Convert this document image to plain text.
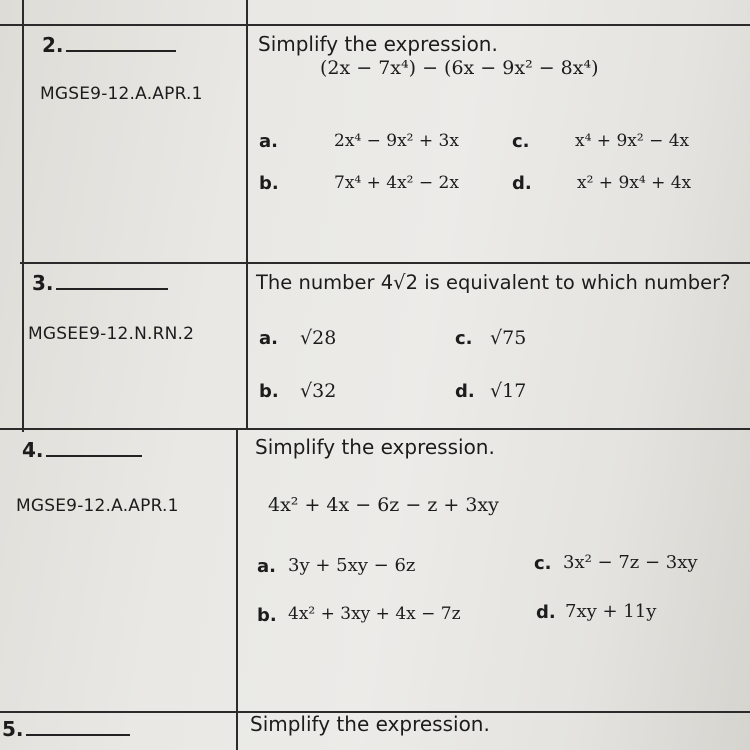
2.
MGSE9-12.A.APR.1
Simplify the expression.
(2x − 7x⁴) − (6x − 9x² − 8x⁴)
a.	2x⁴ − 9x² + 3x	c.	x⁴ + 9x² − 4x
b.	7x⁴ + 4x² − 2x	d.	x² + 9x⁴ + 4x
3.
MGSEE9-12.N.RN.2
The number 4√2 is equivalent to which number?
a. √28	c. √75
b. √32	d. √17
4.
MGSE9-12.A.APR.1
Simplify the expression.
4x² + 4x − 6z − z + 3xy
a. 3y + 5xy − 6z	c. 3x² − 7z − 3xy
b. 4x² + 3xy + 4x − 7z	d. 7xy + 11y
5.	Simplify the expression.
